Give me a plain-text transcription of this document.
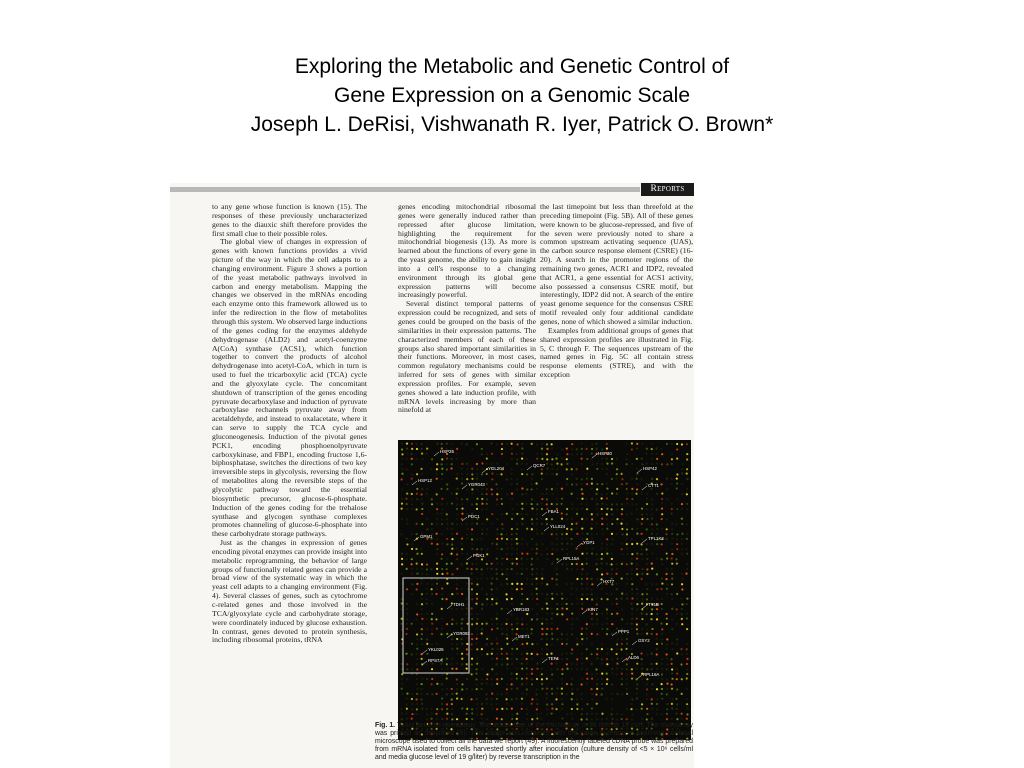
Exploring the Metabolic and Genetic Control of
Gene Expression on a Genomic Scale
Joseph L. DeRisi, Vishwanath R. Iyer, Patrick O. Brown*
Reports

to any gene whose function is known (15). The responses of these previously uncharacterized genes to the diauxic shift therefore provides the first small clue to their possible roles.

The global view of changes in expression of genes with known functions provides a vivid picture of the way in which the cell adapts to a changing environment. Figure 3 shows a portion of the yeast metabolic pathways involved in carbon and energy metabolism. Mapping the changes we observed in the mRNAs encoding each enzyme onto this framework allowed us to infer the redirection in the flow of metabolites through this system. We observed large inductions of the genes coding for the enzymes aldehyde dehydrogenase (ALD2) and acetyl-coenzyme A(CoA) synthase (ACS1), which function together to convert the products of alcohol dehydrogenase into acetyl-CoA, which in turn is used to fuel the tricarboxylic acid (TCA) cycle and the glyoxylate cycle. The concomitant shutdown of transcription of the genes encoding pyruvate decarboxylase and induction of pyruvate carboxylase rechannels pyruvate away from acetaldehyde, and instead to oxalacetate, where it can serve to supply the TCA cycle and gluconeogenesis. Induction of the pivotal genes PCK1, encoding phosphoenolpyruvate carboxykinase, and FBP1, encoding fructose 1,6-biphosphatase, switches the directions of two key irreversible steps in glycolysis, reversing the flow of metabolites along the reversible steps of the glycolytic pathway toward the essential biosynthetic precursor, glucose-6-phosphate. Induction of the genes coding for the trehalose synthase and glycogen synthase complexes promotes channeling of glucose-6-phosphate into these carbohydrate storage pathways.

Just as the changes in expression of genes encoding pivotal enzymes can provide insight into metabolic reprogramming, the behavior of large groups of functionally related genes can provide a broad view of the systematic way in which the yeast cell adapts to a changing environment (Fig. 4). Several classes of genes, such as cytochrome c-related genes and those involved in the TCA/glyoxylate cycle and carbohydrate storage, were coordinately induced by glucose exhaustion. In contrast, genes devoted to protein synthesis, including ribosomal proteins, tRNA

genes encoding mitochondrial ribosomal genes were generally induced rather than repressed after glucose limitation, highlighting the requirement for mitochondrial biogenesis (13). As more is learned about the functions of every gene in the yeast genome, the ability to gain insight into a cell's response to a changing environment through its global gene expression patterns will become increasingly powerful.

Several distinct temporal patterns of expression could be recognized, and sets of genes could be grouped on the basis of the similarities in their expression patterns. The characterized members of each of these groups also shared important similarities in their functions. Moreover, in most cases, common regulatory mechanisms could be inferred for sets of genes with similar expression profiles. For example, seven genes showed a late induction profile, with mRNA levels increasing by more than ninefold at

the last timepoint but less than threefold at the preceding timepoint (Fig. 5B). All of these genes were known to be glucose-repressed, and five of the seven were previously noted to share a common upstream activating sequence (UAS), the carbon source response element (CSRE) (16-20). A search in the promoter regions of the remaining two genes, ACR1 and IDP2, revealed that ACR1, a gene essential for ACS1 activity, also possessed a consensus CSRE motif, but interestingly, IDP2 did not. A search of the entire yeast genome sequence for the consensus CSRE motif revealed only four additional candidate genes, none of which showed a similar induction.

Examples from additional groups of genes that shared expression profiles are illustrated in Fig. 5, C through F. The sequences upstream of the named genes in Fig. 5C all contain stress response elements (STRE), and with the exception

HSP26
YGL204
QCR7
HSP30
HSP12
YGR043
HSP42
CTT1
PDC1
FBA1
YLL024
GPM1
YGP1
TPL1K2
PGK1
RPL15A
HXT7
TDH1
YBR183	KIN7
TY1B
YGR093
MET1
PPP1
GSY2
YKL026
TEF4	ALD6
RPS7A
RPL16A
Fig. 1. Yeast genome microarray. The actual size of the microarray is 18 mm by 18 mm. The microarray was printed as described (9). This image was obtained with the same fluorescent scanning confocal microscope used to collect all the data we report (49). A fluorescently labeled cDNA probe was prepared from mRNA isolated from cells harvested shortly after inoculation (culture density of <5 × 10⁶ cells/ml and media glucose level of 19 g/liter) by reverse transcription in the
